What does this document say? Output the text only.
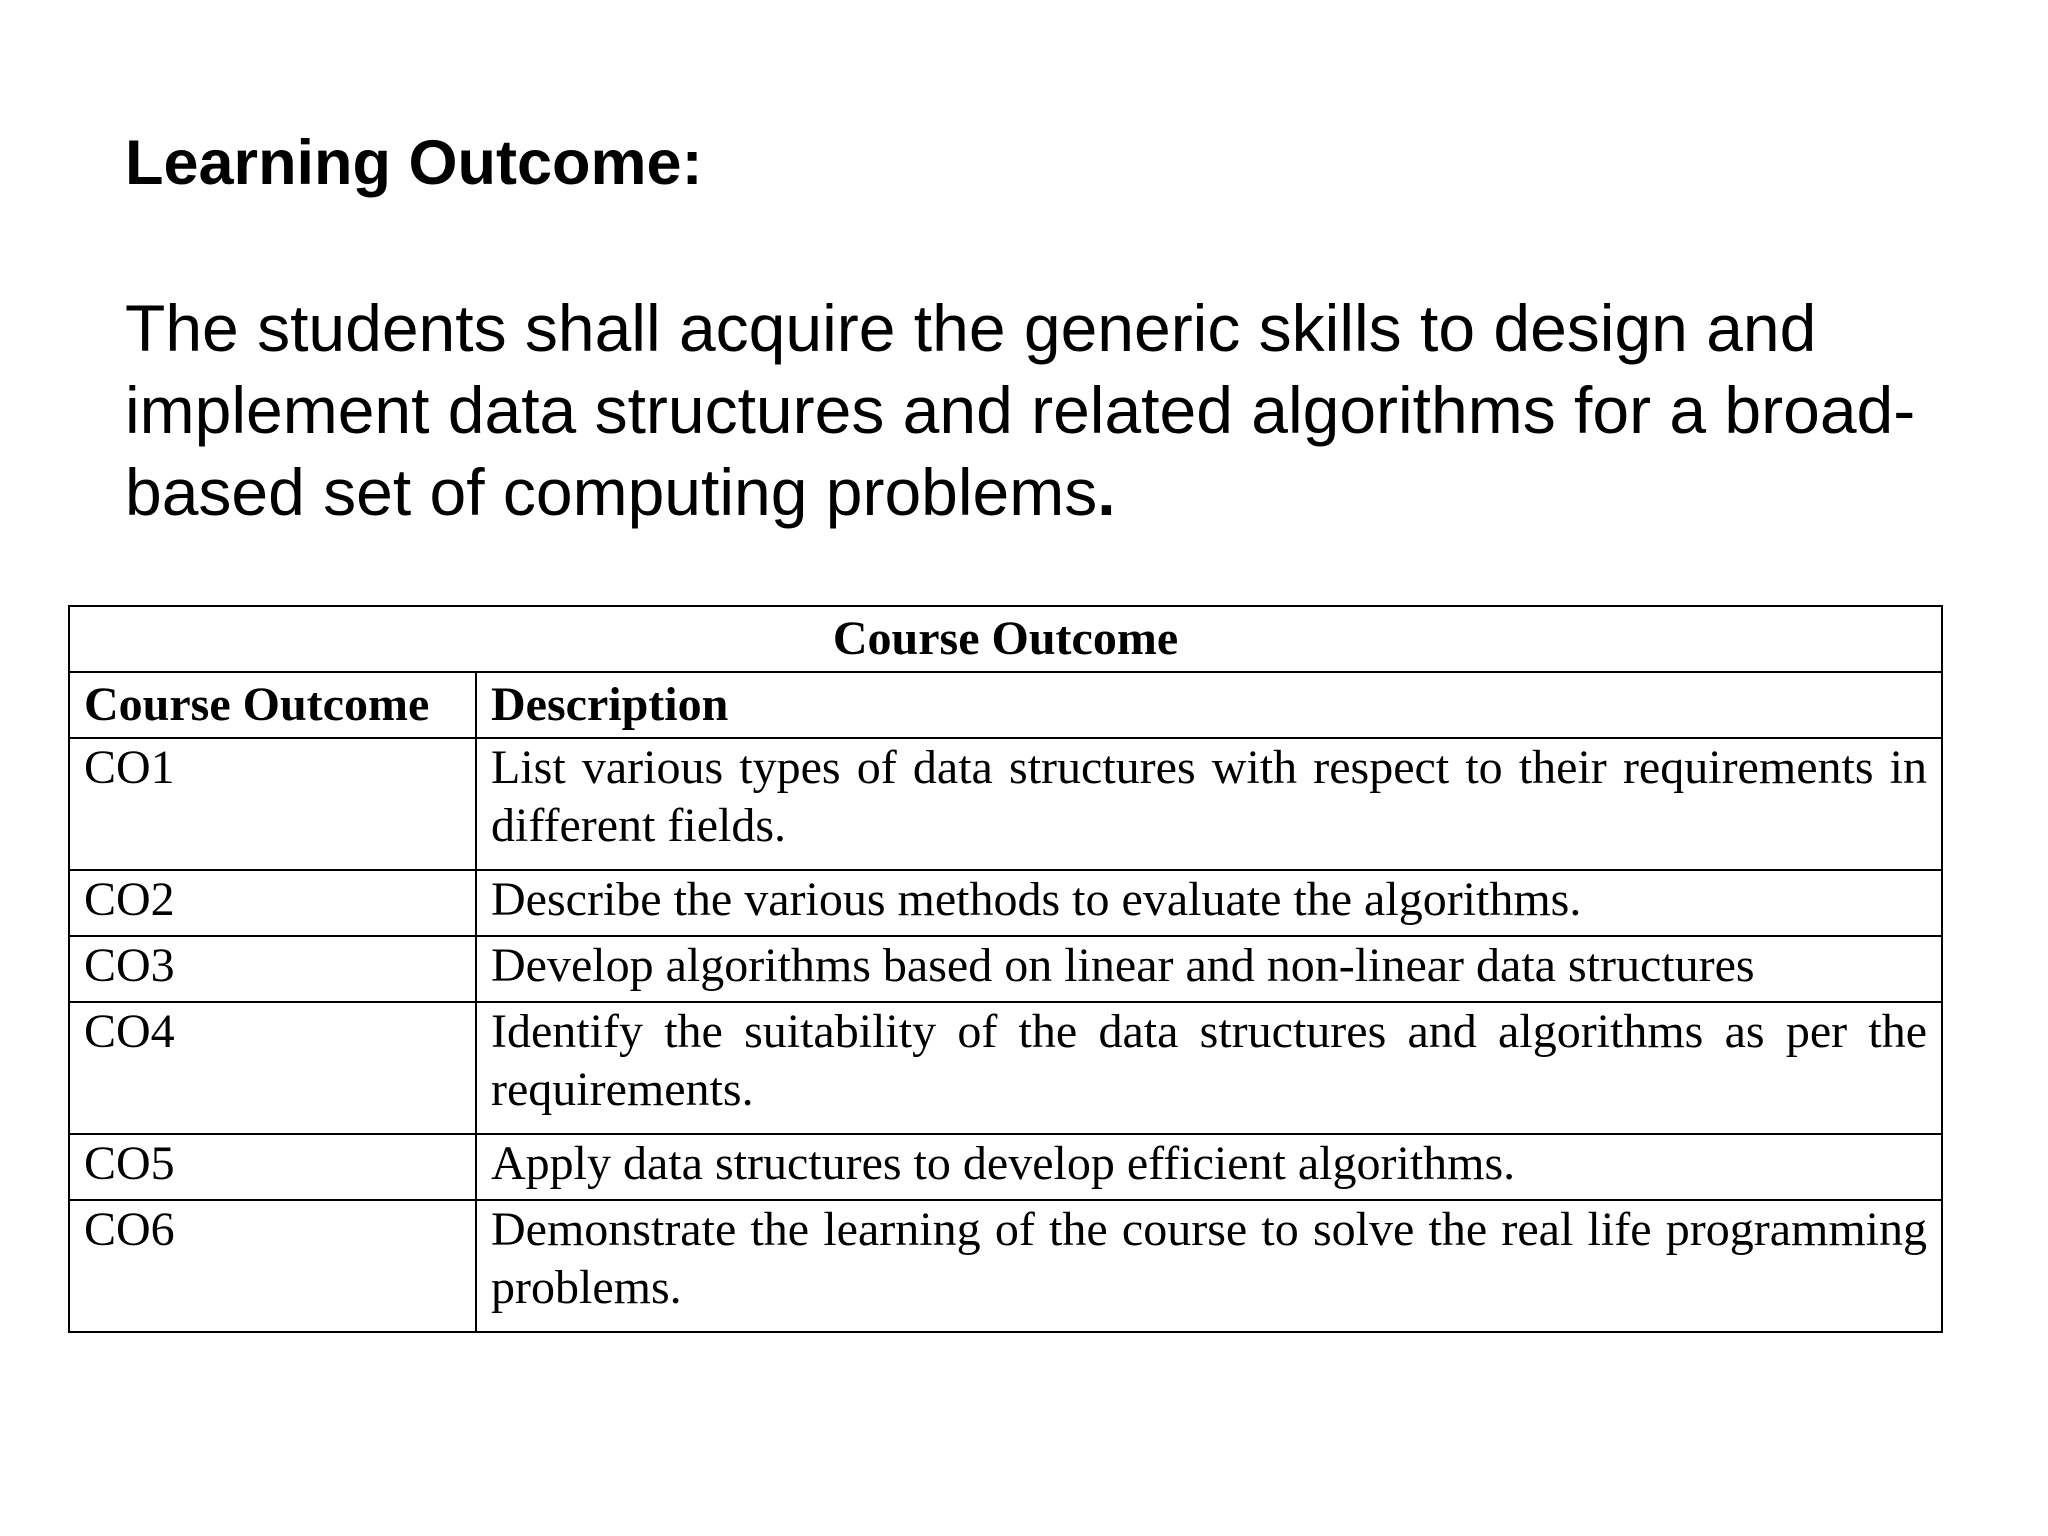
Learning Outcome:

The students shall acquire the generic skills to design and implement data structures and related algorithms for a broad-based set of computing problems.

Course Outcome	
Course Outcome	Description
CO1	List various types of data structures with respect to their requirements in different fields.
CO2	Describe the various methods to evaluate the algorithms.
CO3	Develop algorithms based on linear and non-linear data structures
CO4	Identify the suitability of the data structures and algorithms as per the requirements.
CO5	Apply data structures to develop efficient algorithms.
CO6	Demonstrate the learning of the course to solve the real life programming problems.
